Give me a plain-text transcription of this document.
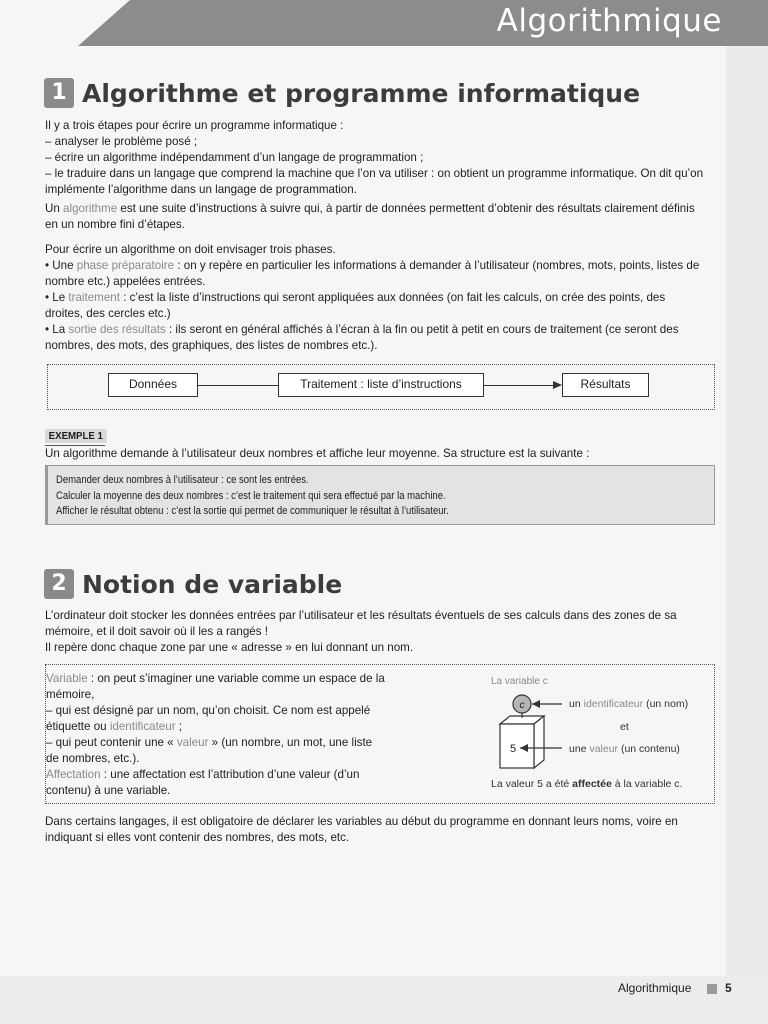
Algorithmique
1 Algorithme et programme informatique
Il y a trois étapes pour écrire un programme informatique :
– analyser le problème posé ;
– écrire un algorithme indépendamment d’un langage de programmation ;
– le traduire dans un langage que comprend la machine que l’on va utiliser : on obtient un programme informatique. On dit qu’on implémente l’algorithme dans un langage de programmation.
Un algorithme est une suite d’instructions à suivre qui, à partir de données permettent d’obtenir des résultats clairement définis en un nombre fini d’étapes.
Pour écrire un algorithme on doit envisager trois phases.
• Une phase préparatoire : on y repère en particulier les informations à demander à l’utilisateur (nombres, mots, points, listes de nombre etc.) appelées entrées.
• Le traitement : c’est la liste d’instructions qui seront appliquées aux données (on fait les calculs, on crée des points, des droites, des cercles etc.)
• La sortie des résultats : ils seront en général affichés à l’écran à la fin ou petit à petit en cours de traitement (ce seront des nombres, des mots, des graphiques, des listes de nombres etc.).
Données	Traitement : liste d’instructions	Résultats
EXEMPLE 1
Un algorithme demande à l’utilisateur deux nombres et affiche leur moyenne. Sa structure est la suivante :
Demander deux nombres à l’utilisateur : ce sont les entrées.
Calculer la moyenne des deux nombres : c’est le traitement qui sera effectué par la machine.
Afficher le résultat obtenu : c’est la sortie qui permet de communiquer le résultat à l’utilisateur.
2 Notion de variable
L’ordinateur doit stocker les données entrées par l’utilisateur et les résultats éventuels de ses calculs dans des zones de sa mémoire, et il doit savoir où il les a rangés !
Il repère donc chaque zone par une « adresse » en lui donnant un nom.
Variable : on peut s’imaginer une variable comme un espace de la mémoire,
– qui est désigné par un nom, qu’on choisit. Ce nom est appelé étiquette ou identificateur ;
– qui peut contenir une « valeur » (un nombre, un mot, une liste de nombres, etc.).
Affectation : une affectation est l’attribution d’une valeur (d’un contenu) à une variable.
La variable c
c
5
un identificateur (un nom)
et
une valeur (un contenu)
La valeur 5 a été affectée à la variable c.
Dans certains langages, il est obligatoire de déclarer les variables au début du programme en donnant leurs noms, voire en indiquant si elles vont contenir des nombres, des mots, etc.
Algorithmique	5
